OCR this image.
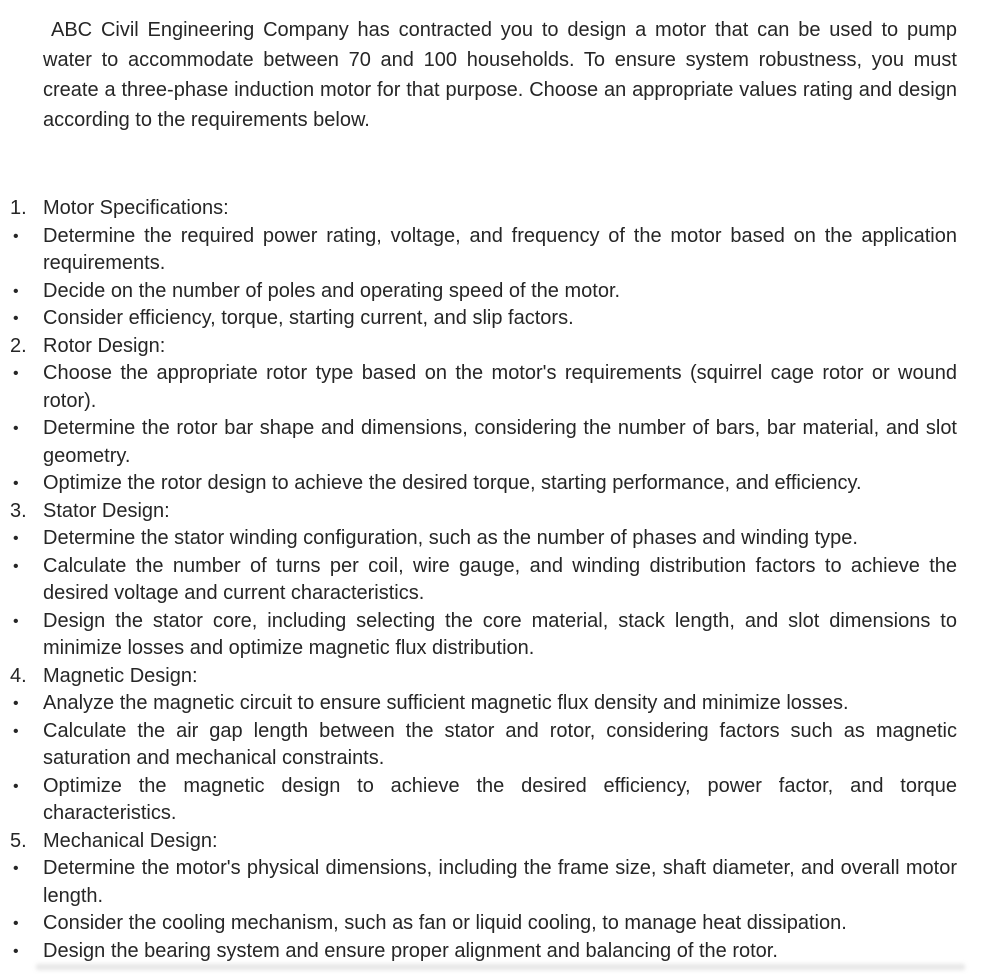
ABC Civil Engineering Company has contracted you to design a motor that can be used to pump water to accommodate between 70 and 100 households. To ensure system robustness, you must create a three-phase induction motor for that purpose. Choose an appropriate values rating and design according to the requirements below.

1. Motor Specifications:
•	Determine the required power rating, voltage, and frequency of the motor based on the application requirements.
•	Decide on the number of poles and operating speed of the motor.
•	Consider efficiency, torque, starting current, and slip factors.
2. Rotor Design:
•	Choose the appropriate rotor type based on the motor's requirements (squirrel cage rotor or wound rotor).
•	Determine the rotor bar shape and dimensions, considering the number of bars, bar material, and slot geometry.
•	Optimize the rotor design to achieve the desired torque, starting performance, and efficiency.
3. Stator Design:
•	Determine the stator winding configuration, such as the number of phases and winding type.
•	Calculate the number of turns per coil, wire gauge, and winding distribution factors to achieve the desired voltage and current characteristics.
•	Design the stator core, including selecting the core material, stack length, and slot dimensions to minimize losses and optimize magnetic flux distribution.
4. Magnetic Design:
•	Analyze the magnetic circuit to ensure sufficient magnetic flux density and minimize losses.
•	Calculate the air gap length between the stator and rotor, considering factors such as magnetic saturation and mechanical constraints.
•	Optimize the magnetic design to achieve the desired efficiency, power factor, and torque characteristics.
5. Mechanical Design:
•	Determine the motor's physical dimensions, including the frame size, shaft diameter, and overall motor length.
•	Consider the cooling mechanism, such as fan or liquid cooling, to manage heat dissipation.
•	Design the bearing system and ensure proper alignment and balancing of the rotor.
